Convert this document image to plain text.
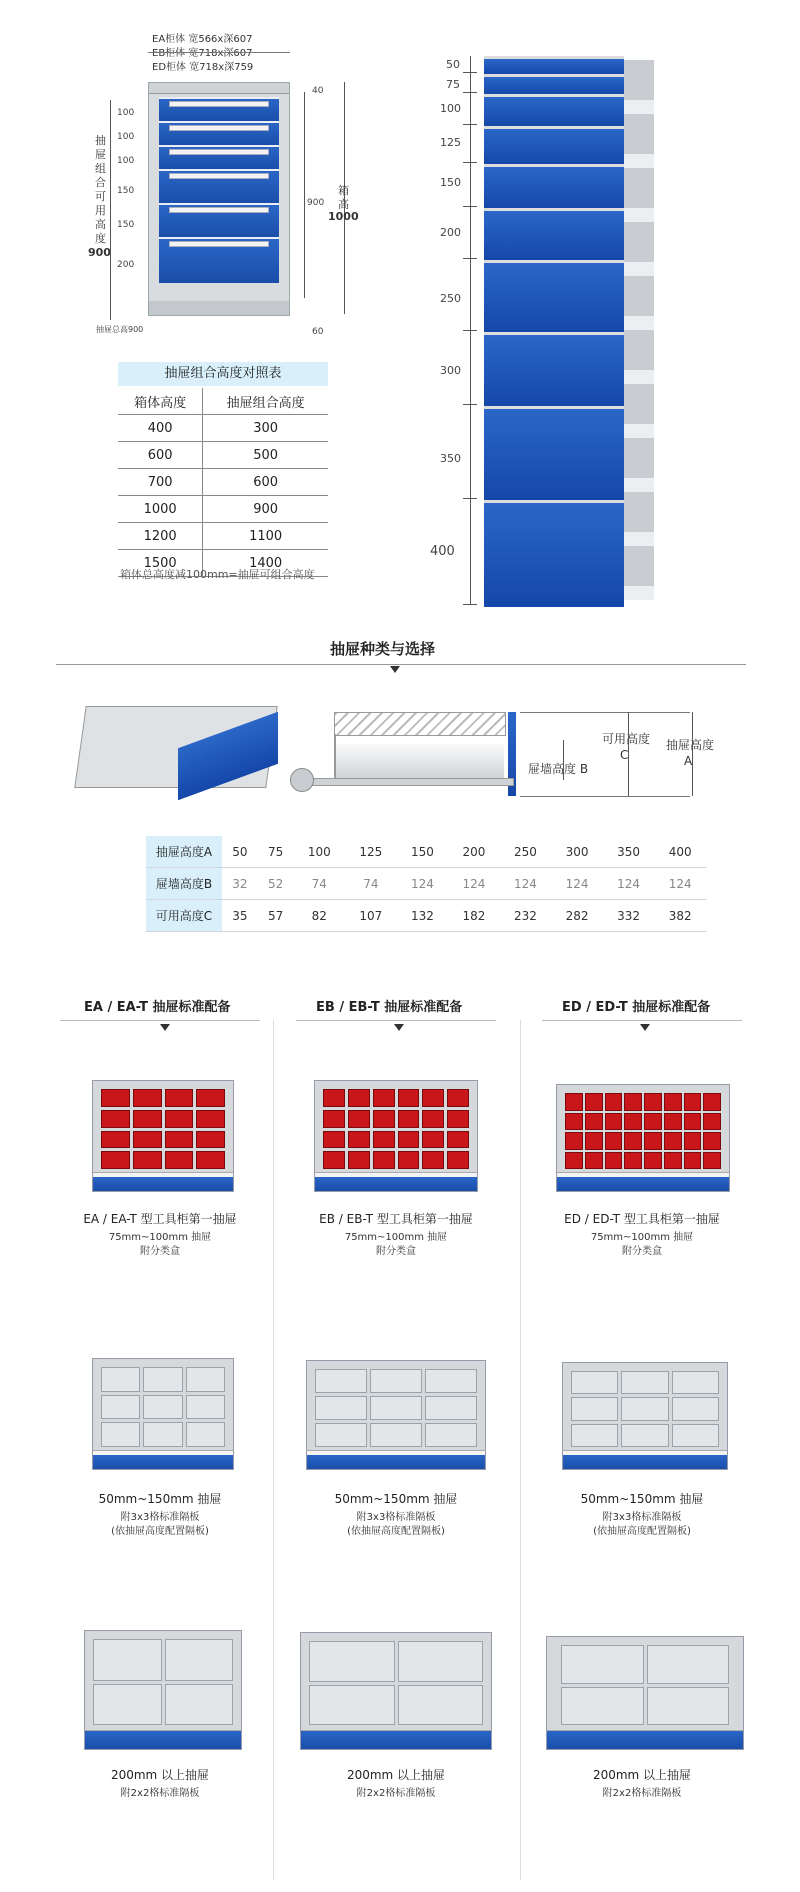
EA柜体 宽566x深607
EB柜体 宽718x深607
ED柜体 宽718x深759
抽
屉
组
合
可
用
高
度
900
100
100
100
150
150
200
40
900
60
箱
高
1000
抽屉总高900
抽屉组合高度对照表
箱体高度	抽屉组合高度
400	300
600	500
700	600
1000	900
1200	1100
1500	1400
箱体总高度减100mm=抽屉可组合高度
50
75
100
125
150
200
250
300
350
400
抽屉种类与选择
屉墙高度 B
可用高度
C
抽屉高度
A
抽屉高度A	50	75	100	125	150	200	250	300	350	400
屉墙高度B	32	52	74	74	124	124	124	124	124	124
可用高度C	35	57	82	107	132	182	232	282	332	382
EA / EA-T 抽屉标准配备
EA / EA-T 型工具柜第一抽屉
75mm~100mm 抽屉
附分类盒
50mm~150mm 抽屉
附3x3格标准隔板
(依抽屉高度配置隔板)
200mm 以上抽屉
附2x2格标准隔板
EB / EB-T 抽屉标准配备
EB / EB-T 型工具柜第一抽屉
75mm~100mm 抽屉
附分类盒
50mm~150mm 抽屉
附3x3格标准隔板
(依抽屉高度配置隔板)
200mm 以上抽屉
附2x2格标准隔板
ED / ED-T 抽屉标准配备
ED / ED-T 型工具柜第一抽屉
75mm~100mm 抽屉
附分类盒
50mm~150mm 抽屉
附3x3格标准隔板
(依抽屉高度配置隔板)
200mm 以上抽屉
附2x2格标准隔板
